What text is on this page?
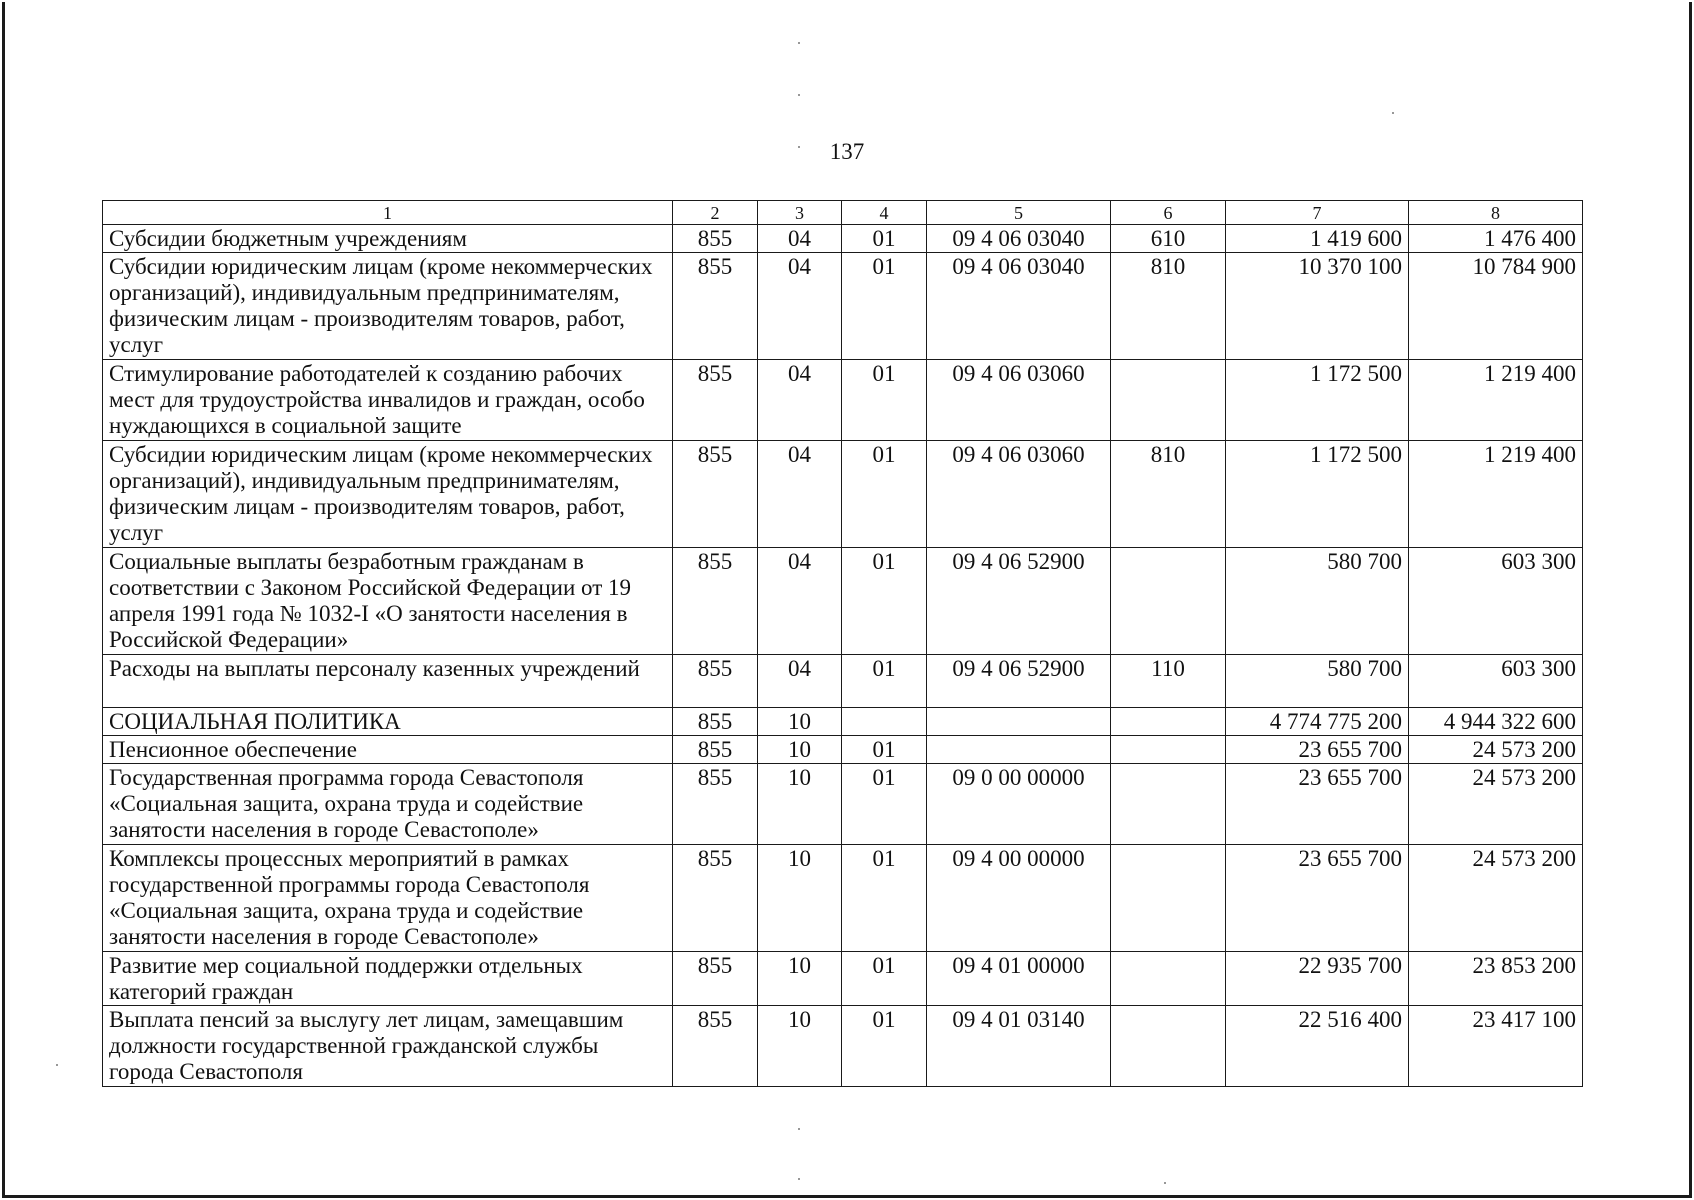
137
1	2	3	4	5	6	7	8
Субсидии бюджетным учреждениям	855	04	01	09 4 06 03040	610	1 419 600	1 476 400
Субсидии юридическим лицам (кроме некоммерческих организаций), индивидуальным предпринимателям, физическим лицам - производителям товаров, работ, услуг	855	04	01	09 4 06 03040	810	10 370 100	10 784 900
Стимулирование работодателей к созданию рабочих мест для трудоустройства инвалидов и граждан, особо нуждающихся в социальной защите	855	04	01	09 4 06 03060		1 172 500	1 219 400
Субсидии юридическим лицам (кроме некоммерческих организаций), индивидуальным предпринимателям, физическим лицам - производителям товаров, работ, услуг	855	04	01	09 4 06 03060	810	1 172 500	1 219 400
Социальные выплаты безработным гражданам в соответствии с Законом Российской Федерации от 19 апреля 1991 года № 1032-I «О занятости населения в Российской Федерации»	855	04	01	09 4 06 52900		580 700	603 300
Расходы на выплаты персоналу казенных учреждений	855	04	01	09 4 06 52900	110	580 700	603 300
СОЦИАЛЬНАЯ ПОЛИТИКА	855	10				4 774 775 200	4 944 322 600
Пенсионное обеспечение	855	10	01			23 655 700	24 573 200
Государственная программа города Севастополя «Социальная защита, охрана труда и содействие занятости населения в городе Севастополе»	855	10	01	09 0 00 00000		23 655 700	24 573 200
Комплексы процессных мероприятий в рамках государственной программы города Севастополя «Социальная защита, охрана труда и содействие занятости населения в городе Севастополе»	855	10	01	09 4 00 00000		23 655 700	24 573 200
Развитие мер социальной поддержки отдельных категорий граждан	855	10	01	09 4 01 00000		22 935 700	23 853 200
Выплата пенсий за выслугу лет лицам, замещавшим должности государственной гражданской службы города Севастополя	855	10	01	09 4 01 03140		22 516 400	23 417 100
